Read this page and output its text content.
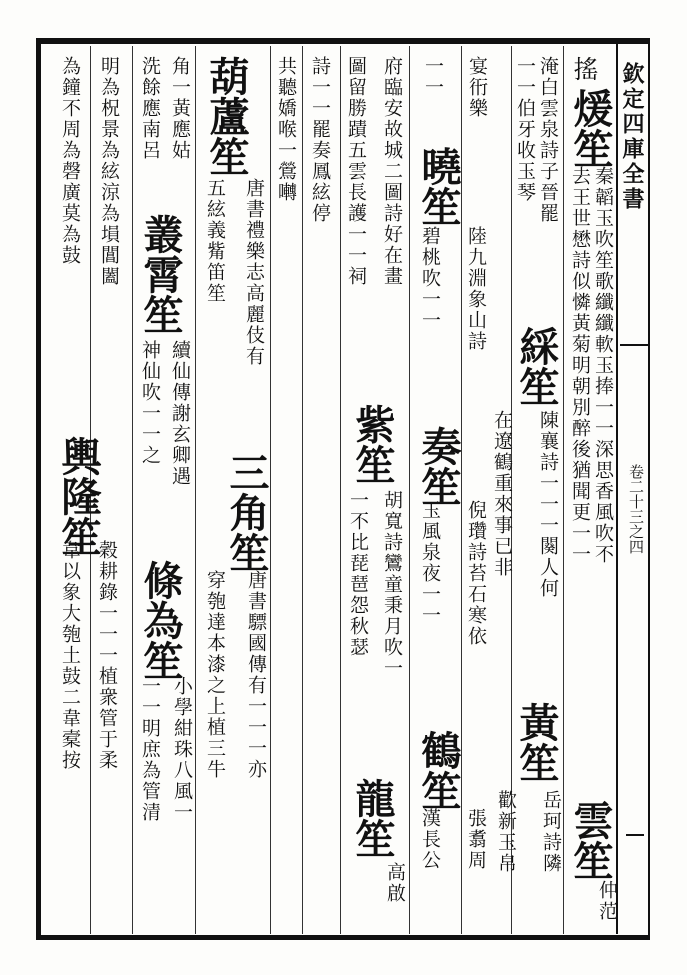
欽定四庫全書
卷二十三之四
搖
煖笙
秦韜玉吹笙歌纖纖軟玉捧一一深思香風吹不
去王世懋詩似憐黃菊明朝別醉後猶聞更一一
雲笙
仲范
淹白雲泉詩子晉罷
綵笙
陳襄詩一一一闋人何
黃笙
岳珂詩隣
一一伯牙收玉琴
在遼鶴重來事已非
歡新玉帛
宴衎樂
曉笙
陸九淵象山詩
奏笙
倪瓚詩苔石寒依
鶴笙
張翥周
一一
碧桃吹一一
玉風泉夜一一
漢長公
府臨安故城二圖詩好在畫
紫笙
胡寬詩鸞童秉月吹一
龍笙
高啟
圖留勝蹟五雲長護一一祠
一不比琵琶怨秋瑟
詩一一罷奏鳳絃停
共聽嬌喉一鶯囀
葫蘆笙
唐書禮樂志高麗伎有
三角笙
唐書驃國傳有一一一亦
五絃義觜笛笙
穿匏達本漆之上植三牛
角一黃應姑
叢霄笙
續仙傳謝玄卿遇
條為笙
小學紺珠八風一
洗餘應南呂
神仙吹一一之
一一明庶為管清
明為柷景為絃涼為塤閶闔
輿隆笙
穀耕錄一一一植衆管于柔
為鐘不周為磬廣莫為鼓
韋以象大匏土鼓二韋槖按
